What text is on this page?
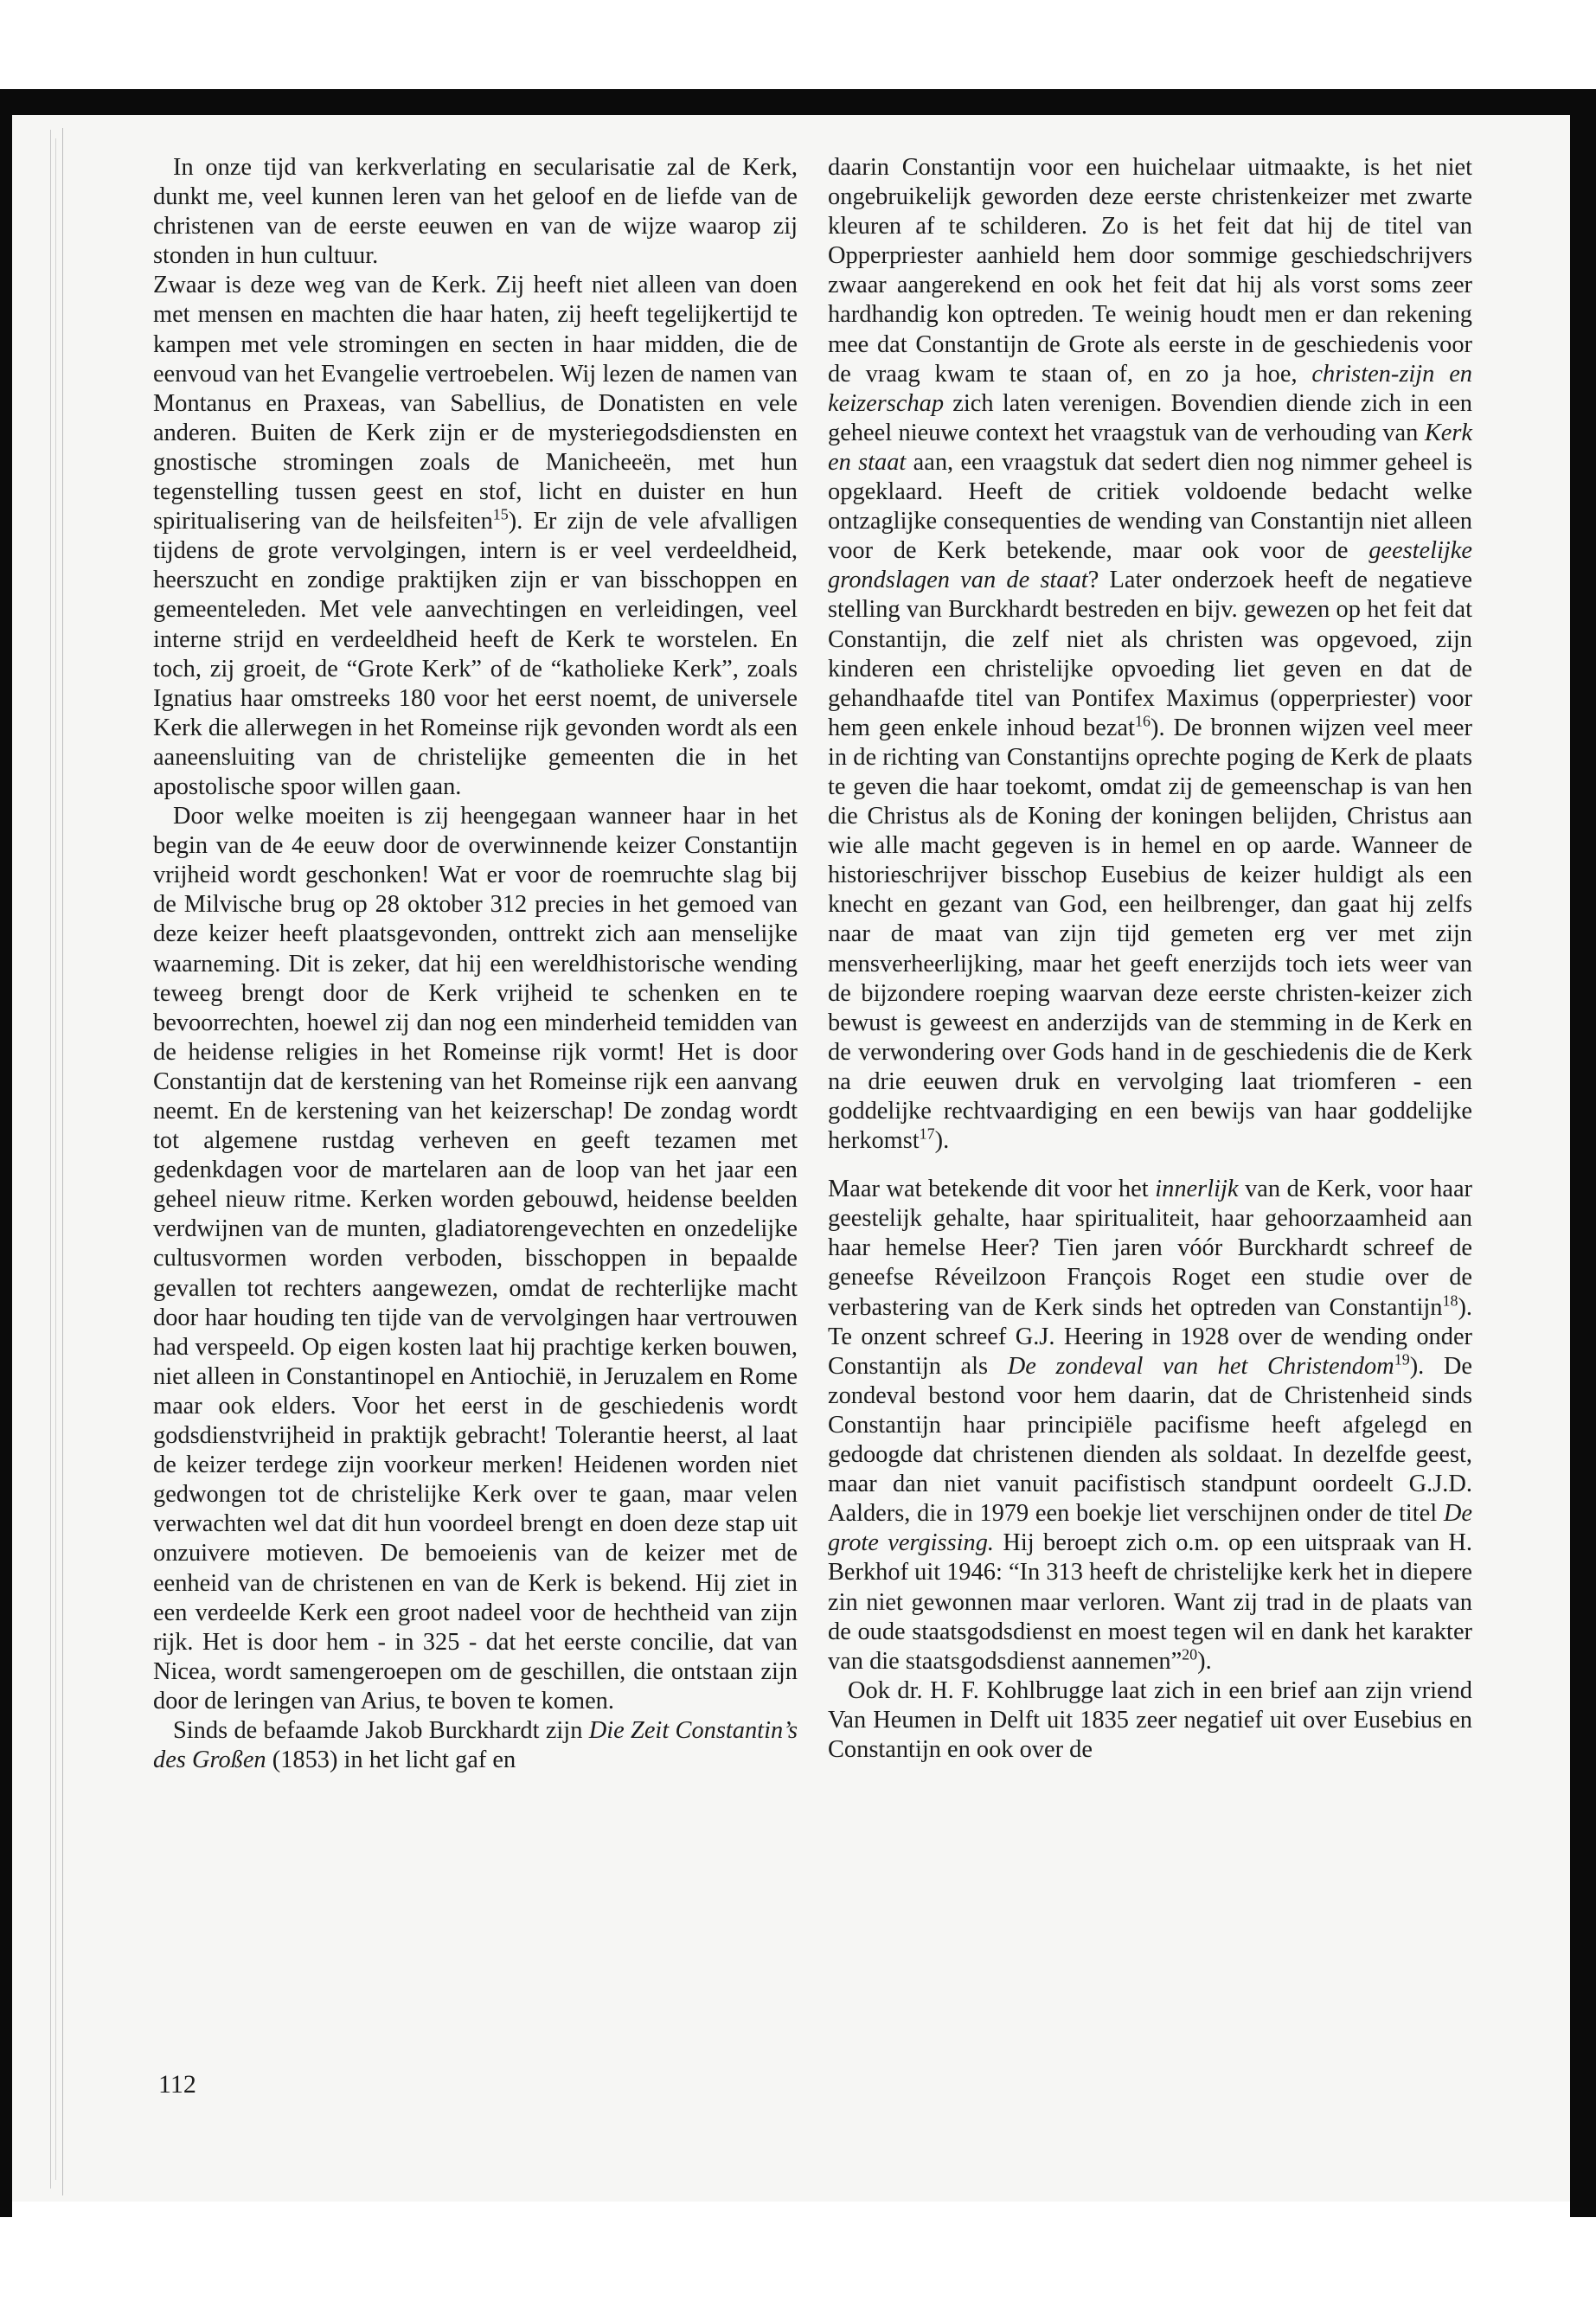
In onze tijd van kerkverlating en secularisatie zal de Kerk, dunkt me, veel kunnen leren van het geloof en de liefde van de christenen van de eerste eeuwen en van de wijze waarop zij stonden in hun cultuur.

Zwaar is deze weg van de Kerk. Zij heeft niet alleen van doen met mensen en machten die haar haten, zij heeft tegelijkertijd te kampen met vele stromingen en secten in haar midden, die de eenvoud van het Evangelie vertroebelen. Wij lezen de namen van Montanus en Praxeas, van Sabellius, de Donatisten en vele anderen. Buiten de Kerk zijn er de mysteriegodsdiensten en gnostische stromingen zoals de Manicheeën, met hun tegenstelling tussen geest en stof, licht en duister en hun spiritualisering van de heilsfeiten$^{15}$). Er zijn de vele afvalligen tijdens de grote vervolgingen, intern is er veel verdeeldheid, heerszucht en zondige praktijken zijn er van bisschoppen en gemeenteleden. Met vele aanvechtingen en verleidingen, veel interne strijd en verdeeldheid heeft de Kerk te worstelen. En toch, zij groeit, de “Grote Kerk” of de “katholieke Kerk”, zoals Ignatius haar omstreeks 180 voor het eerst noemt, de universele Kerk die allerwegen in het Romeinse rijk gevonden wordt als een aaneensluiting van de christelijke gemeenten die in het apostolische spoor willen gaan.

Door welke moeiten is zij heengegaan wanneer haar in het begin van de 4e eeuw door de overwinnende keizer Constantijn vrijheid wordt geschonken! Wat er voor de roemruchte slag bij de Milvische brug op 28 oktober 312 precies in het gemoed van deze keizer heeft plaatsgevonden, onttrekt zich aan menselijke waarneming. Dit is zeker, dat hij een wereldhistorische wending teweeg brengt door de Kerk vrijheid te schenken en te bevoorrechten, hoewel zij dan nog een minderheid temidden van de heidense religies in het Romeinse rijk vormt! Het is door Constantijn dat de kerstening van het Romeinse rijk een aanvang neemt. En de kerstening van het keizerschap! De zondag wordt tot algemene rustdag verheven en geeft tezamen met gedenkdagen voor de martelaren aan de loop van het jaar een geheel nieuw ritme. Kerken worden gebouwd, heidense beelden verdwijnen van de munten, gladiatorengevechten en onzedelijke cultusvormen worden verboden, bisschoppen in bepaalde gevallen tot rechters aangewezen, omdat de rechterlijke macht door haar houding ten tijde van de vervolgingen haar vertrouwen had verspeeld. Op eigen kosten laat hij prachtige kerken bouwen, niet alleen in Constantinopel en Antiochië, in Jeruzalem en Rome maar ook elders. Voor het eerst in de geschiedenis wordt godsdienstvrijheid in praktijk gebracht! Tolerantie heerst, al laat de keizer terdege zijn voorkeur merken! Heidenen worden niet gedwongen tot de christelijke Kerk over te gaan, maar velen verwachten wel dat dit hun voordeel brengt en doen deze stap uit onzuivere motieven. De bemoeienis van de keizer met de eenheid van de christenen en van de Kerk is bekend. Hij ziet in een verdeelde Kerk een groot nadeel voor de hechtheid van zijn rijk. Het is door hem - in 325 - dat het eerste concilie, dat van Nicea, wordt samengeroepen om de geschillen, die ontstaan zijn door de leringen van Arius, te boven te komen.

Sinds de befaamde Jakob Burckhardt zijn Die Zeit Constantin’s des Großen (1853) in het licht gaf en

daarin Constantijn voor een huichelaar uitmaakte, is het niet ongebruikelijk geworden deze eerste christenkeizer met zwarte kleuren af te schilderen. Zo is het feit dat hij de titel van Opperpriester aanhield hem door sommige geschiedschrijvers zwaar aangerekend en ook het feit dat hij als vorst soms zeer hardhandig kon optreden. Te weinig houdt men er dan rekening mee dat Constantijn de Grote als eerste in de geschiedenis voor de vraag kwam te staan of, en zo ja hoe, christen-zijn en keizerschap zich laten verenigen. Bovendien diende zich in een geheel nieuwe context het vraagstuk van de verhouding van Kerk en staat aan, een vraagstuk dat sedert dien nog nimmer geheel is opgeklaard. Heeft de critiek voldoende bedacht welke ontzaglijke consequenties de wending van Constantijn niet alleen voor de Kerk betekende, maar ook voor de geestelijke grondslagen van de staat? Later onderzoek heeft de negatieve stelling van Burckhardt bestreden en bijv. gewezen op het feit dat Constantijn, die zelf niet als christen was opgevoed, zijn kinderen een christelijke opvoeding liet geven en dat de gehandhaafde titel van Pontifex Maximus (opperpriester) voor hem geen enkele inhoud bezat$^{16}$). De bronnen wijzen veel meer in de richting van Constantijns oprechte poging de Kerk de plaats te geven die haar toekomt, omdat zij de gemeenschap is van hen die Christus als de Koning der koningen belijden, Christus aan wie alle macht gegeven is in hemel en op aarde. Wanneer de historieschrijver bisschop Eusebius de keizer huldigt als een knecht en gezant van God, een heilbrenger, dan gaat hij zelfs naar de maat van zijn tijd gemeten erg ver met zijn mensverheerlijking, maar het geeft enerzijds toch iets weer van de bijzondere roeping waarvan deze eerste christen-keizer zich bewust is geweest en anderzijds van de stemming in de Kerk en de verwondering over Gods hand in de geschiedenis die de Kerk na drie eeuwen druk en vervolging laat triomferen - een goddelijke rechtvaardiging en een bewijs van haar goddelijke herkomst$^{17}$).

Maar wat betekende dit voor het innerlijk van de Kerk, voor haar geestelijk gehalte, haar spiritualiteit, haar gehoorzaamheid aan haar hemelse Heer? Tien jaren vóór Burckhardt schreef de geneefse Réveilzoon François Roget een studie over de verbastering van de Kerk sinds het optreden van Constantijn$^{18}$). Te onzent schreef G.J. Heering in 1928 over de wending onder Constantijn als De zondeval van het Christendom$^{19}$). De zondeval bestond voor hem daarin, dat de Christenheid sinds Constantijn haar principiële pacifisme heeft afgelegd en gedoogde dat christenen dienden als soldaat. In dezelfde geest, maar dan niet vanuit pacifistisch standpunt oordeelt G.J.D. Aalders, die in 1979 een boekje liet verschijnen onder de titel De grote vergissing. Hij beroept zich o.m. op een uitspraak van H. Berkhof uit 1946: “In 313 heeft de christelijke kerk het in diepere zin niet gewonnen maar verloren. Want zij trad in de plaats van de oude staatsgodsdienst en moest tegen wil en dank het karakter van die staatsgodsdienst aannemen”$^{20}$).

Ook dr. H. F. Kohlbrugge laat zich in een brief aan zijn vriend Van Heumen in Delft uit 1835 zeer negatief uit over Eusebius en Constantijn en ook over de

112
